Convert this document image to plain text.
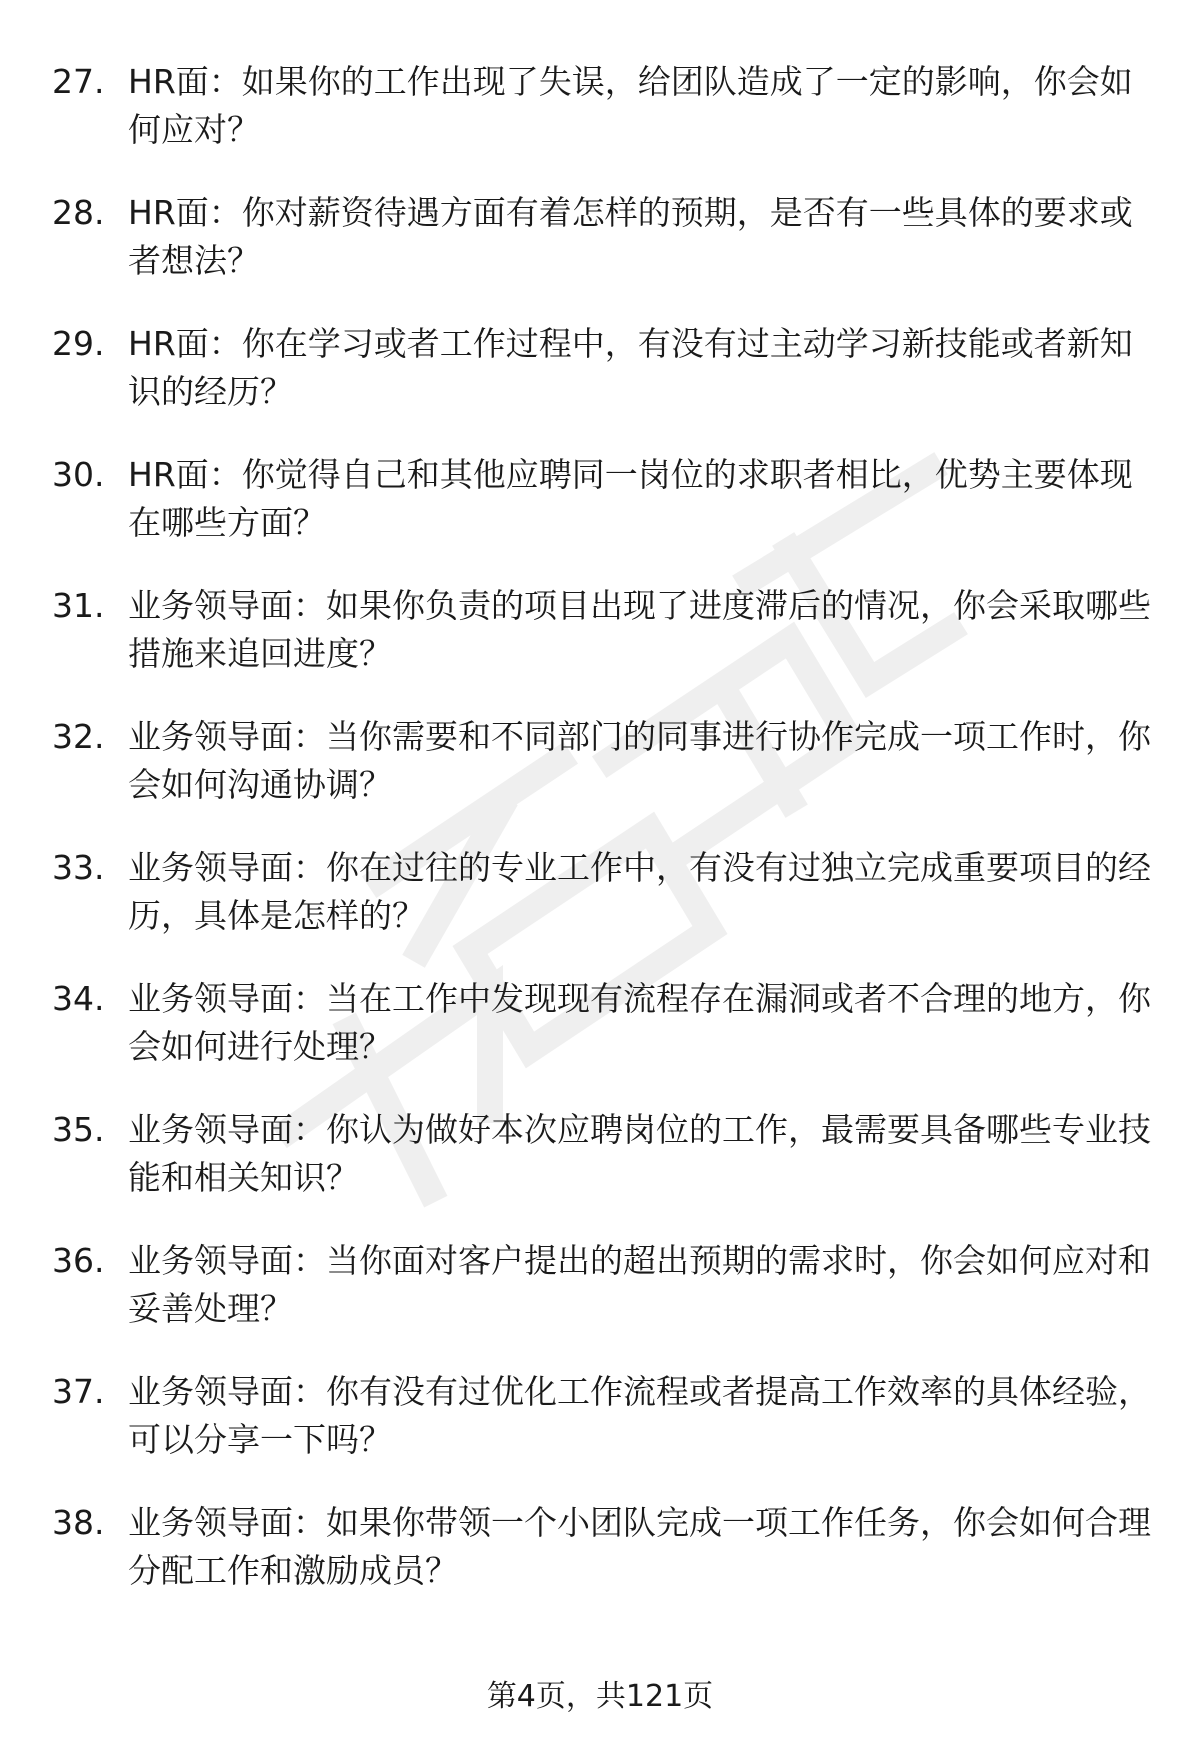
27. HR面：如果你的工作出现了失误，给团队造成了一定的影响，你会如何应对？
28. HR面：你对薪资待遇方面有着怎样的预期，是否有一些具体的要求或者想法？
29. HR面：你在学习或者工作过程中，有没有过主动学习新技能或者新知识的经历？
30. HR面：你觉得自己和其他应聘同一岗位的求职者相比，优势主要体现在哪些方面？
31. 业务领导面：如果你负责的项目出现了进度滞后的情况，你会采取哪些措施来追回进度？
32. 业务领导面：当你需要和不同部门的同事进行协作完成一项工作时，你会如何沟通协调？
33. 业务领导面：你在过往的专业工作中，有没有过独立完成重要项目的经历，具体是怎样的？
34. 业务领导面：当在工作中发现现有流程存在漏洞或者不合理的地方，你会如何进行处理？
35. 业务领导面：你认为做好本次应聘岗位的工作，最需要具备哪些专业技能和相关知识？
36. 业务领导面：当你面对客户提出的超出预期的需求时，你会如何应对和妥善处理？
37. 业务领导面：你有没有过优化工作流程或者提高工作效率的具体经验，可以分享一下吗？
38. 业务领导面：如果你带领一个小团队完成一项工作任务，你会如何合理分配工作和激励成员？
第4页，共121页
